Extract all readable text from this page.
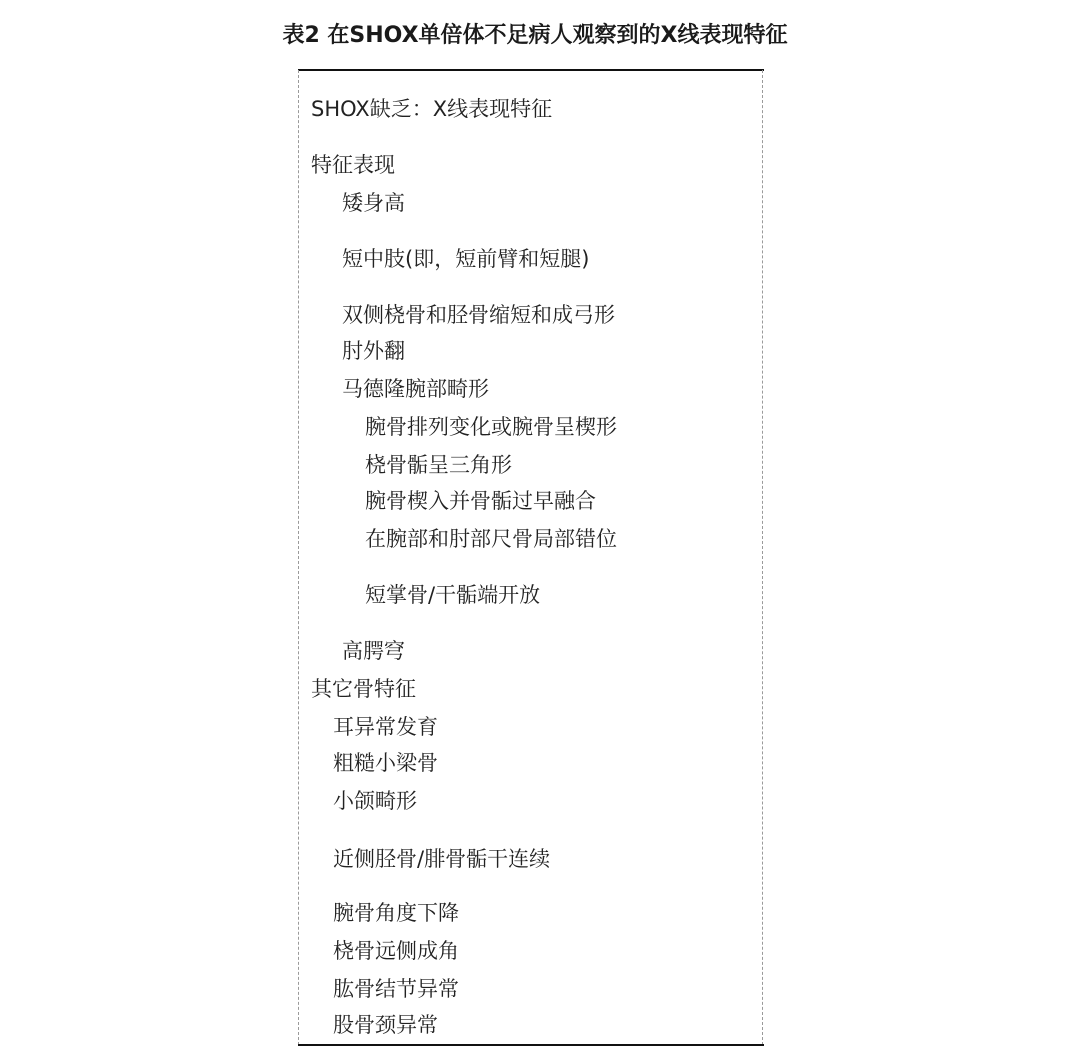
表2 在SHOX单倍体不足病人观察到的X线表现特征
SHOX缺乏：X线表现特征
特征表现
矮身高
短中肢(即，短前臂和短腿)
双侧桡骨和胫骨缩短和成弓形
肘外翻
马德隆腕部畸形
腕骨排列变化或腕骨呈楔形
桡骨骺呈三角形
腕骨楔入并骨骺过早融合
在腕部和肘部尺骨局部错位
短掌骨/干骺端开放
高腭穹
其它骨特征
耳异常发育
粗糙小梁骨
小颌畸形
近侧胫骨/腓骨骺干连续
腕骨角度下降
桡骨远侧成角
肱骨结节异常
股骨颈异常
